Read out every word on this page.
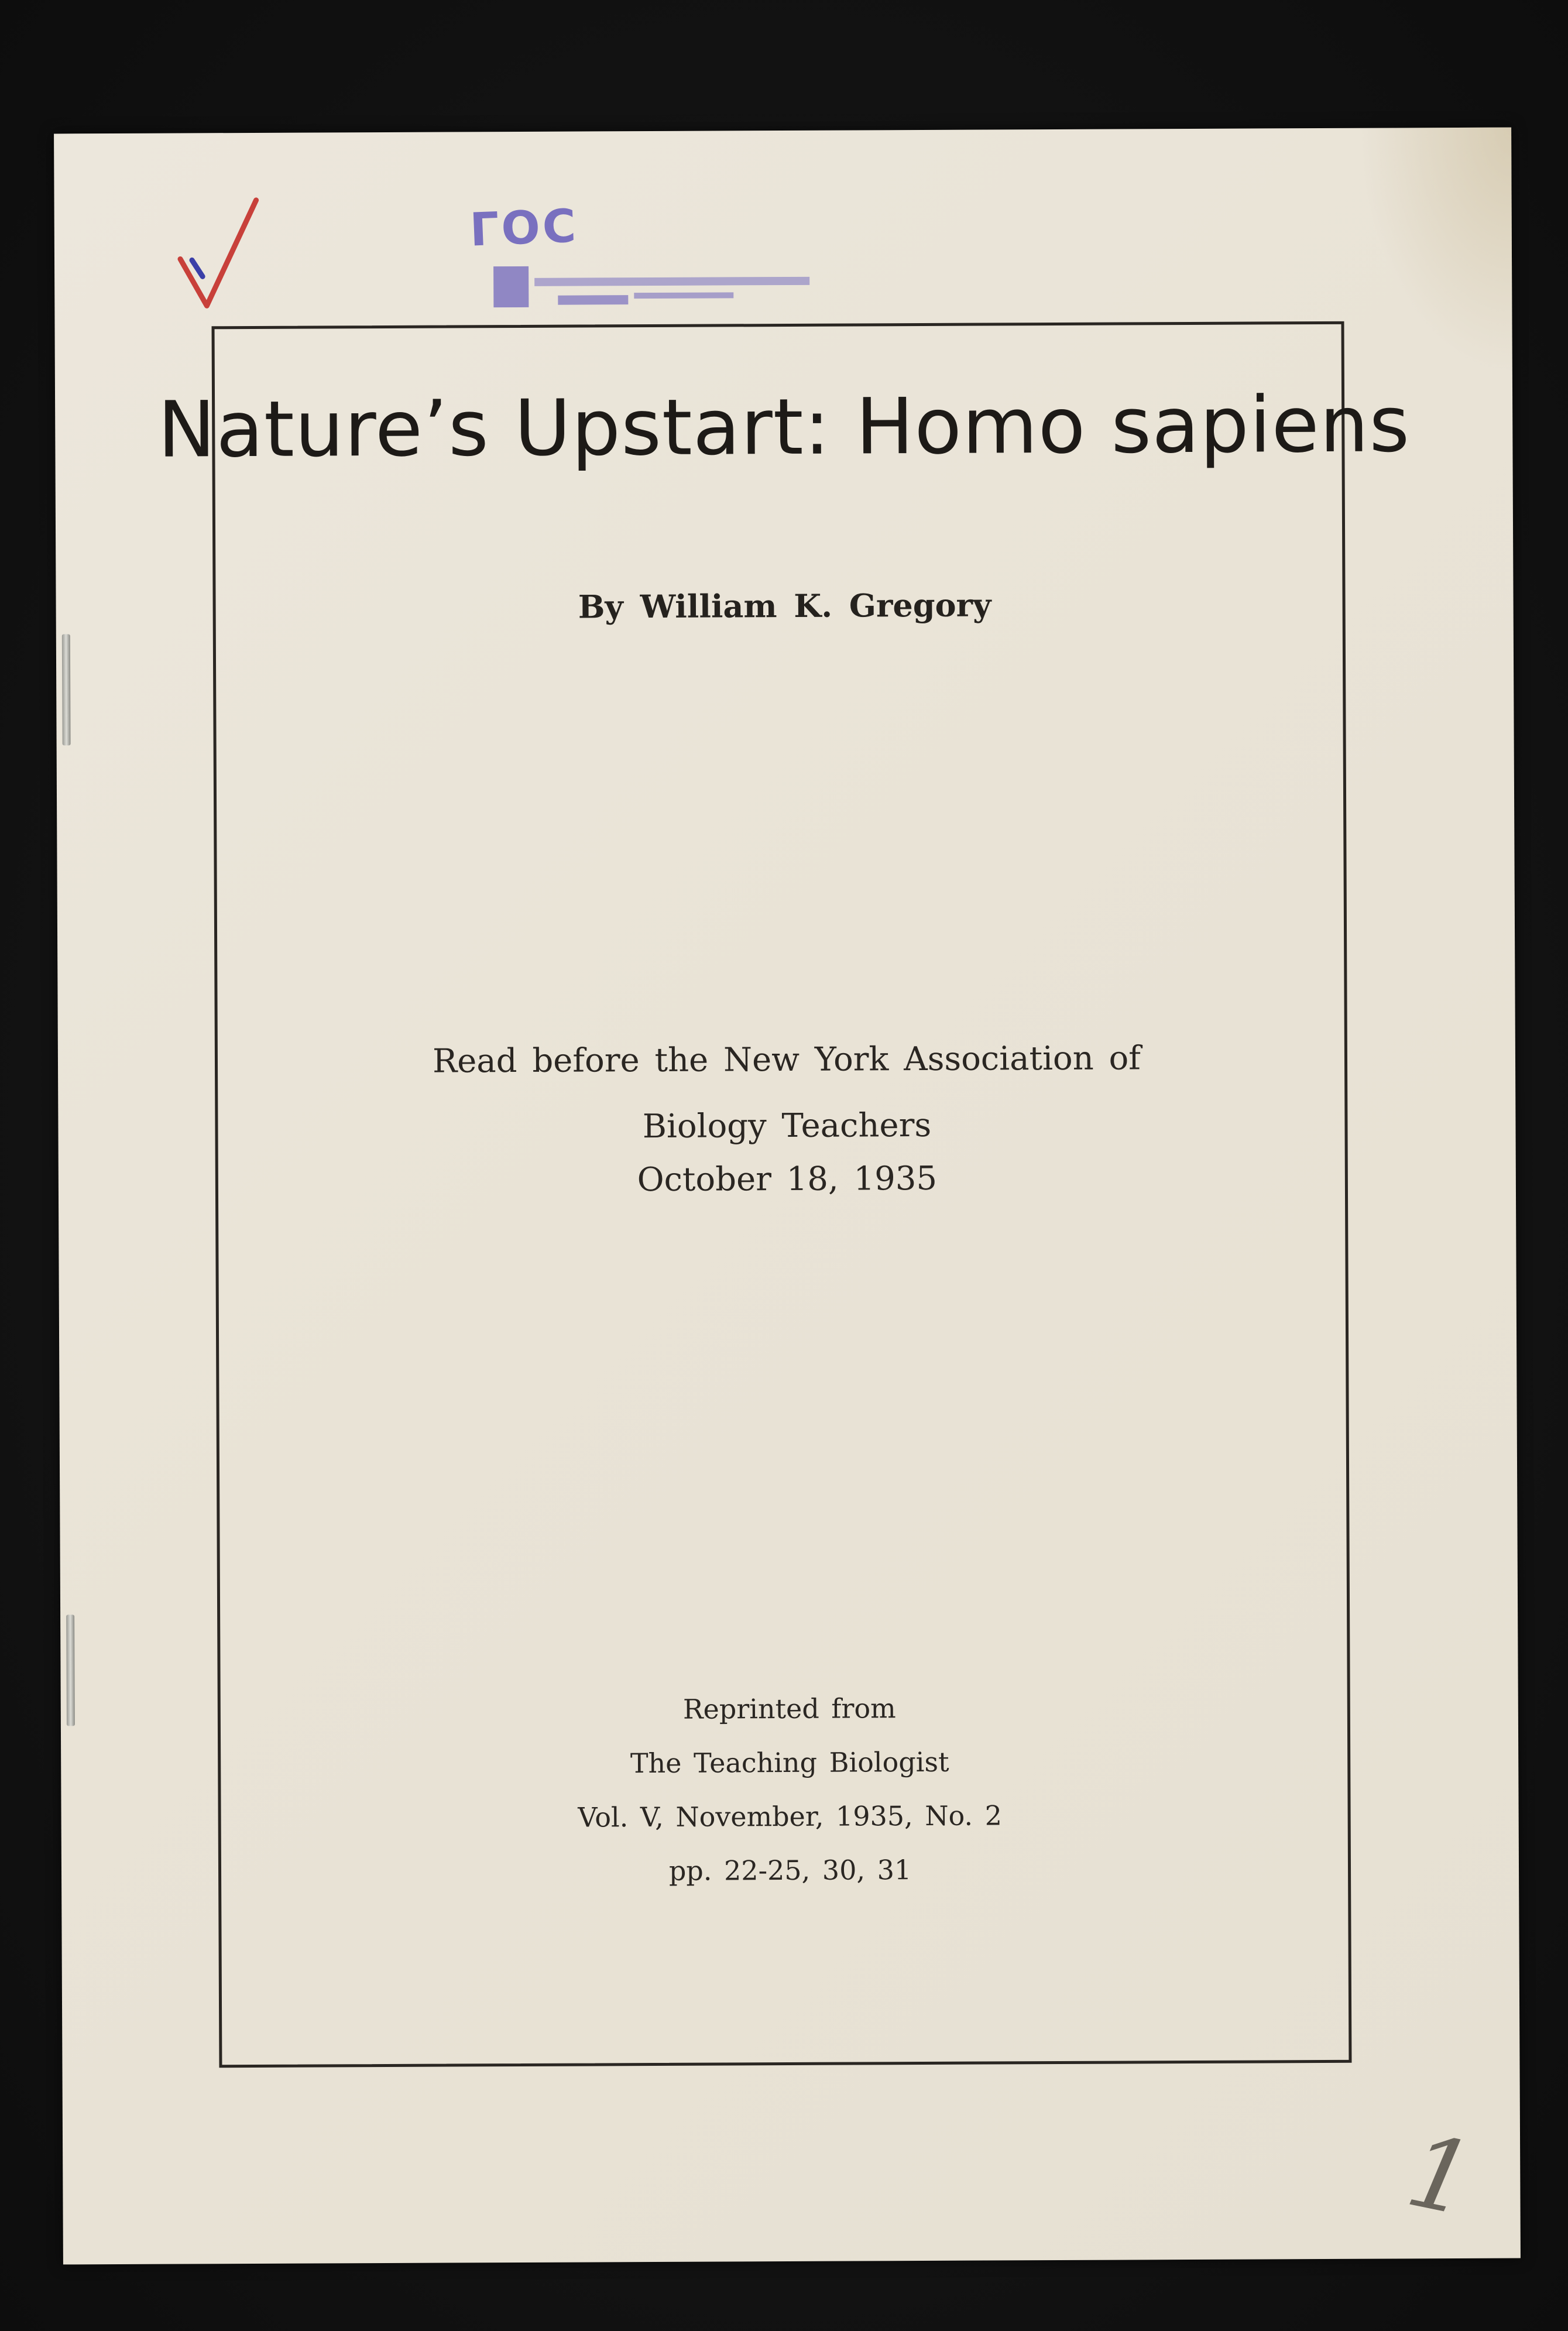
ГОС
Nature’s Upstart: Homo sapiens
By William K. Gregory
Read before the New York Association of
Biology Teachers
October 18, 1935
Reprinted from
The Teaching Biologist
Vol. V, November, 1935, No. 2
pp. 22-25, 30, 31
1
